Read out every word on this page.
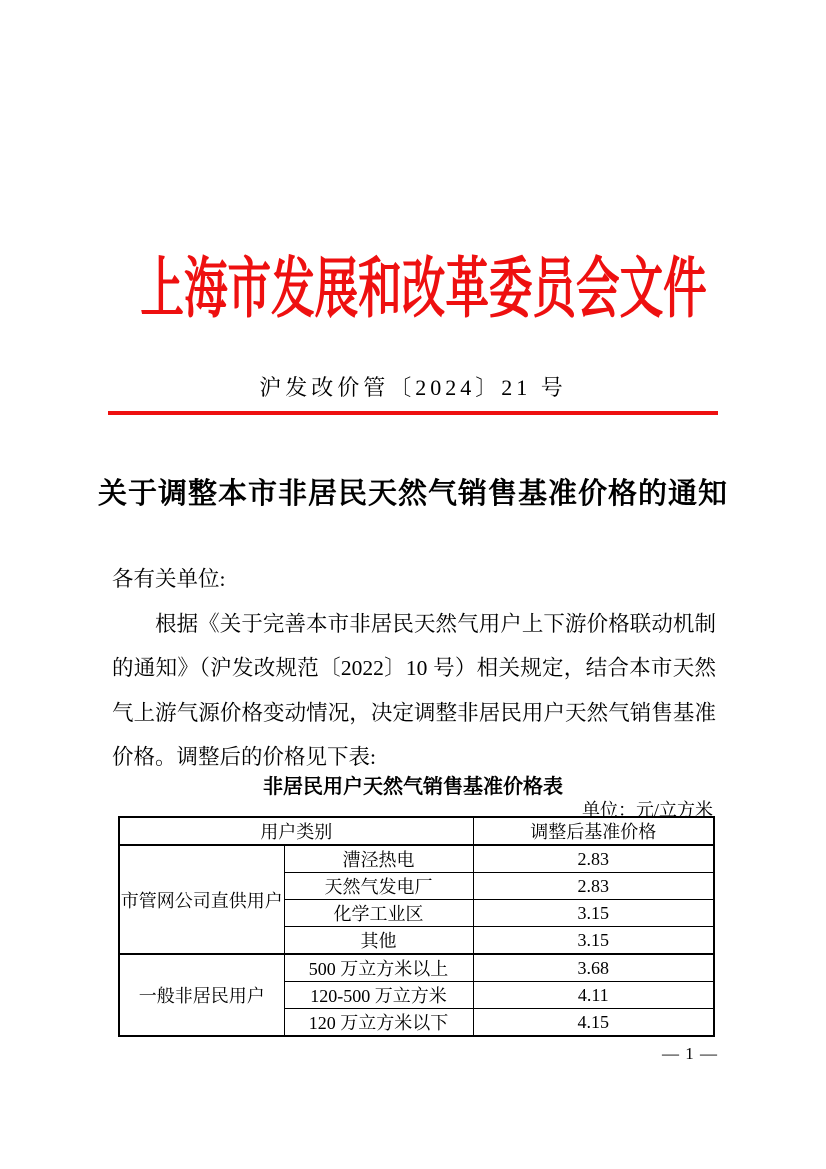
上海市发展和改革委员会文件
沪发改价管〔2024〕21 号
关于调整本市非居民天然气销售基准价格的通知

各有关单位:

根据《关于完善本市非居民天然气用户上下游价格联动机制的通知》（沪发改规范〔2022〕10 号）相关规定，结合本市天然气上游气源价格变动情况，决定调整非居民用户天然气销售基准价格。调整后的价格见下表:

非居民用户天然气销售基准价格表
单位：元/立方米
用户类别		调整后基准价格
市管网公司直供用户	漕泾热电	2.83
	天然气发电厂	2.83
	化学工业区	3.15
	其他	3.15
一般非居民用户	500 万立方米以上	3.68
	120-500 万立方米	4.11
	120 万立方米以下	4.15
— 1 —
